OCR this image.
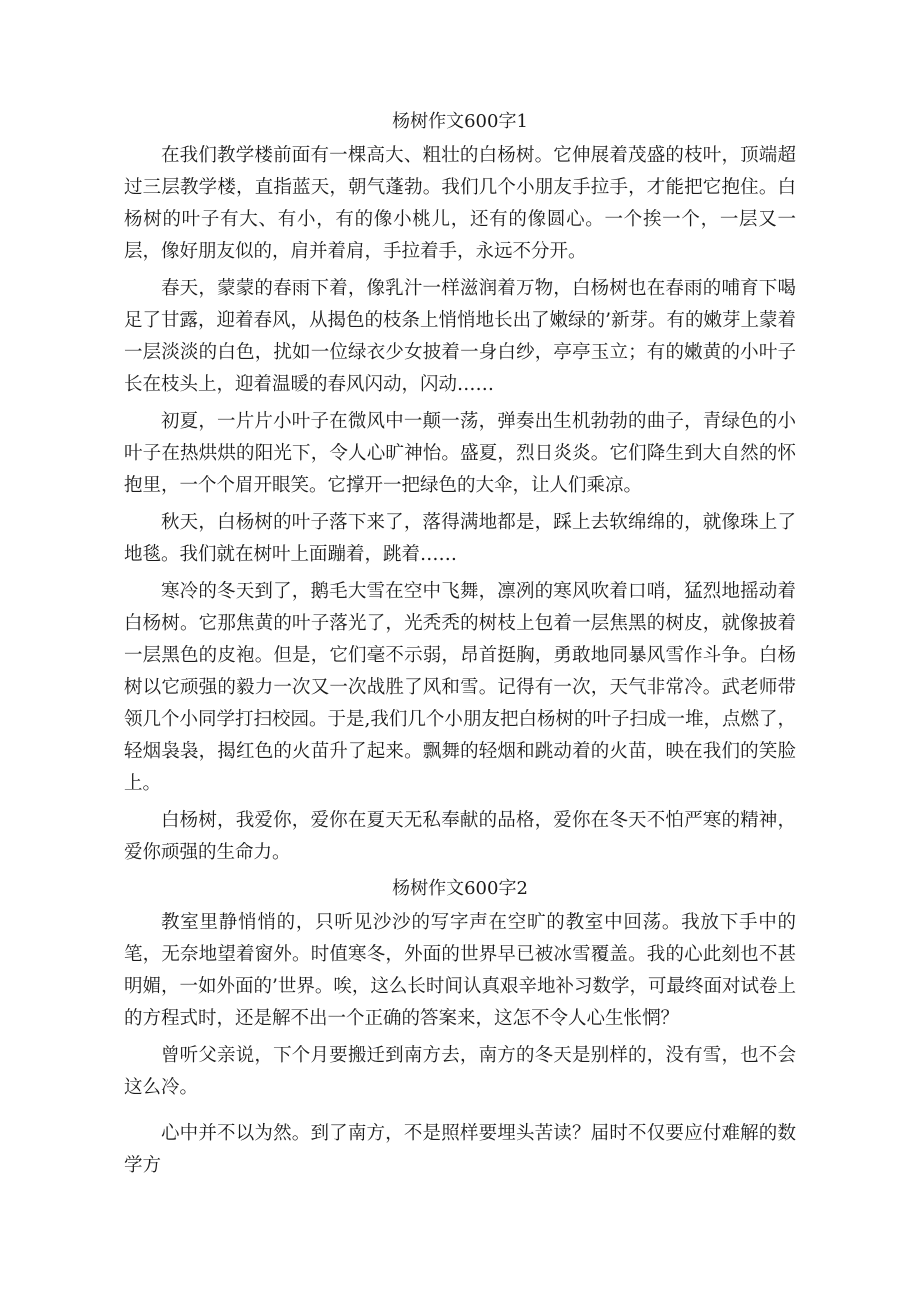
杨树作文600字1

在我们教学楼前面有一棵高大、粗壮的白杨树。它伸展着茂盛的枝叶，顶端超过三层教学楼，直指蓝天，朝气蓬勃。我们几个小朋友手拉手，才能把它抱住。白杨树的叶子有大、有小，有的像小桃儿，还有的像圆心。一个挨一个，一层又一层，像好朋友似的，肩并着肩，手拉着手，永远不分开。

春天，蒙蒙的春雨下着，像乳汁一样滋润着万物，白杨树也在春雨的哺育下喝足了甘露，迎着春风，从揭色的枝条上悄悄地长出了嫩绿的’新芽。有的嫩芽上蒙着一层淡淡的白色，扰如一位绿衣少女披着一身白纱，亭亭玉立；有的嫩黄的小叶子长在枝头上，迎着温暖的春风闪动，闪动……

初夏，一片片小叶子在微风中一颠一荡，弹奏出生机勃勃的曲子，青绿色的小叶子在热烘烘的阳光下，令人心旷神怡。盛夏，烈日炎炎。它们降生到大自然的怀抱里，一个个眉开眼笑。它撑开一把绿色的大伞，让人们乘凉。

秋天，白杨树的叶子落下来了，落得满地都是，踩上去软绵绵的，就像珠上了地毯。我们就在树叶上面蹦着，跳着……

寒冷的冬天到了，鹅毛大雪在空中飞舞，凛冽的寒风吹着口哨，猛烈地摇动着白杨树。它那焦黄的叶子落光了，光秃秃的树枝上包着一层焦黑的树皮，就像披着一层黑色的皮袍。但是，它们毫不示弱，昂首挺胸，勇敢地同暴风雪作斗争。白杨树以它顽强的毅力一次又一次战胜了风和雪。记得有一次，天气非常冷。武老师带领几个小同学打扫校园。于是,我们几个小朋友把白杨树的叶子扫成一堆，点燃了，轻烟袅袅，揭红色的火苗升了起来。飘舞的轻烟和跳动着的火苗，映在我们的笑脸上。

白杨树，我爱你，爱你在夏天无私奉献的品格，爱你在冬天不怕严寒的精神，爱你顽强的生命力。

杨树作文600字2

教室里静悄悄的，只听见沙沙的写字声在空旷的教室中回荡。我放下手中的笔，无奈地望着窗外。时值寒冬，外面的世界早已被冰雪覆盖。我的心此刻也不甚明媚，一如外面的’世界。唉，这么长时间认真艰辛地补习数学，可最终面对试卷上的方程式时，还是解不出一个正确的答案来，这怎不令人心生怅惘？

曾听父亲说，下个月要搬迁到南方去，南方的冬天是别样的，没有雪，也不会这么冷。

心中并不以为然。到了南方，不是照样要埋头苦读？届时不仅要应付难解的数学方
